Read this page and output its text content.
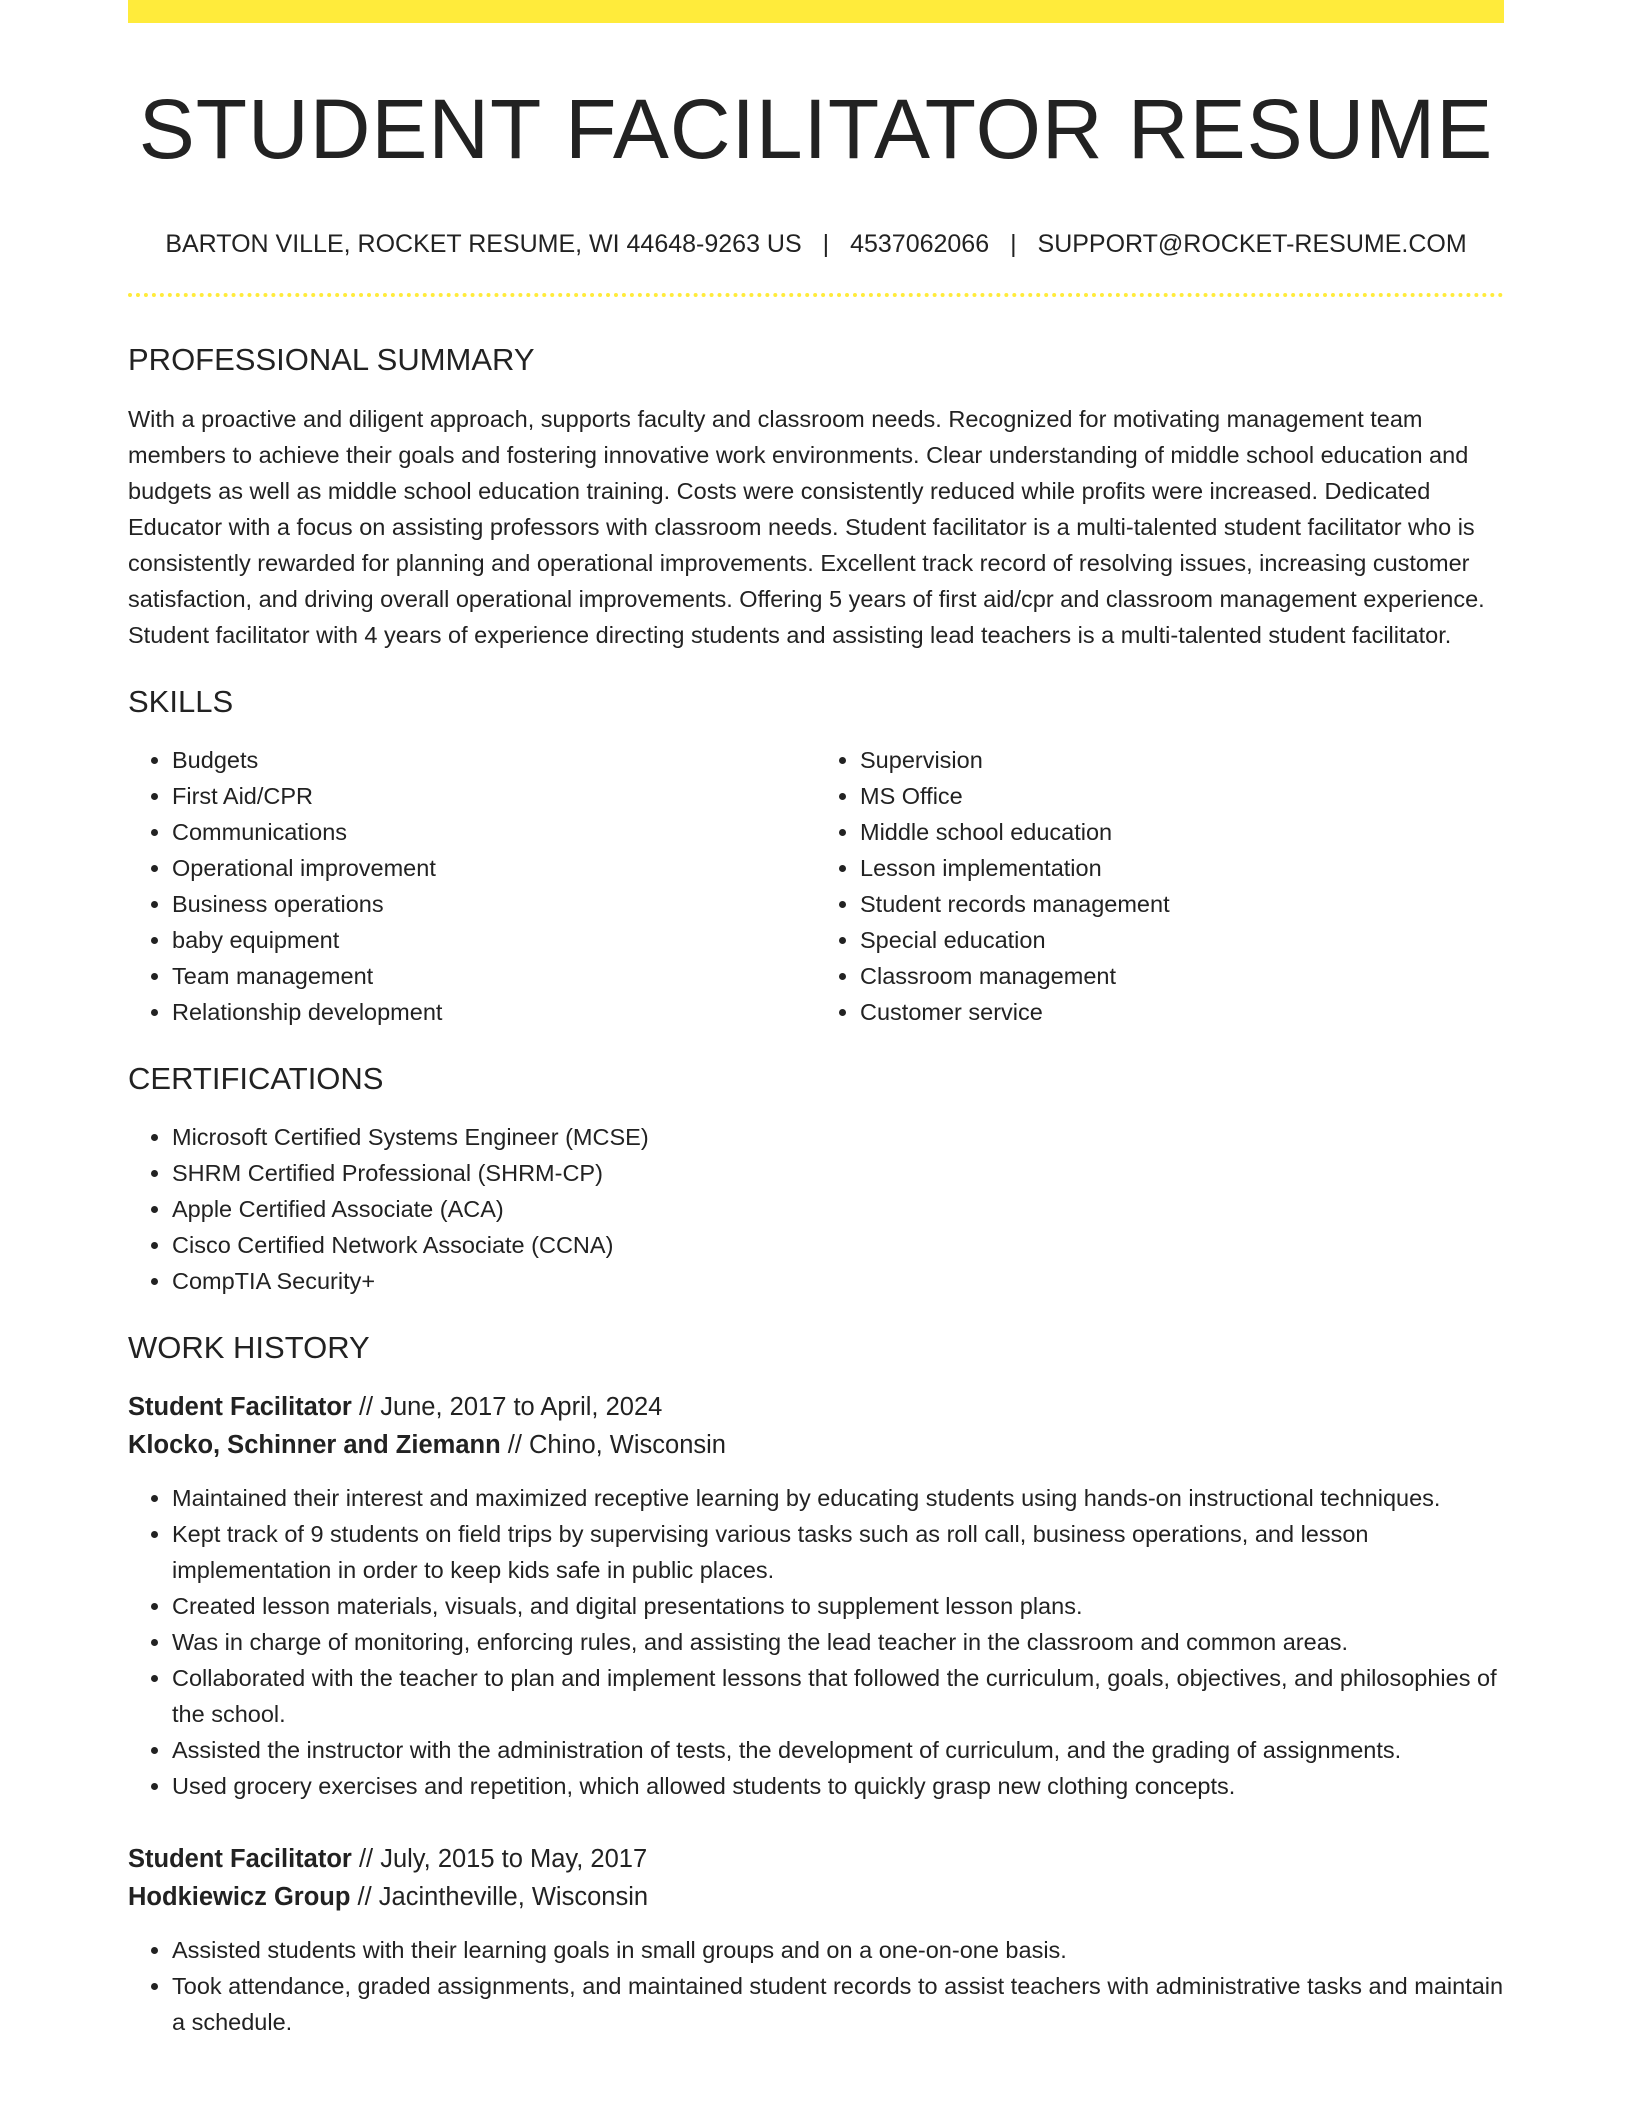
STUDENT FACILITATOR RESUME
BARTON VILLE, ROCKET RESUME, WI 44648-9263 US | 4537062066 | SUPPORT@ROCKET-RESUME.COM
PROFESSIONAL SUMMARY

With a proactive and diligent approach, supports faculty and classroom needs. Recognized for motivating management team members to achieve their goals and fostering innovative work environments. Clear understanding of middle school education and budgets as well as middle school education training. Costs were consistently reduced while profits were increased. Dedicated Educator with a focus on assisting professors with classroom needs. Student facilitator is a multi-talented student facilitator who is consistently rewarded for planning and operational improvements. Excellent track record of resolving issues, increasing customer satisfaction, and driving overall operational improvements. Offering 5 years of first aid/cpr and classroom management experience. Student facilitator with 4 years of experience directing students and assisting lead teachers is a multi-talented student facilitator.

SKILLS
• Budgets
• First Aid/CPR
• Communications
• Operational improvement
• Business operations
• baby equipment
• Team management
• Relationship development
• Supervision
• MS Office
• Middle school education
• Lesson implementation
• Student records management
• Special education
• Classroom management
• Customer service
CERTIFICATIONS
• Microsoft Certified Systems Engineer (MCSE)
• SHRM Certified Professional (SHRM-CP)
• Apple Certified Associate (ACA)
• Cisco Certified Network Associate (CCNA)
• CompTIA Security+
WORK HISTORY
Student Facilitator // June, 2017 to April, 2024
Klocko, Schinner and Ziemann // Chino, Wisconsin
• Maintained their interest and maximized receptive learning by educating students using hands-on instructional techniques.
• Kept track of 9 students on field trips by supervising various tasks such as roll call, business operations, and lesson implementation in order to keep kids safe in public places.
• Created lesson materials, visuals, and digital presentations to supplement lesson plans.
• Was in charge of monitoring, enforcing rules, and assisting the lead teacher in the classroom and common areas.
• Collaborated with the teacher to plan and implement lessons that followed the curriculum, goals, objectives, and philosophies of the school.
• Assisted the instructor with the administration of tests, the development of curriculum, and the grading of assignments.
• Used grocery exercises and repetition, which allowed students to quickly grasp new clothing concepts.
Student Facilitator // July, 2015 to May, 2017
Hodkiewicz Group // Jacintheville, Wisconsin
• Assisted students with their learning goals in small groups and on a one-on-one basis.
• Took attendance, graded assignments, and maintained student records to assist teachers with administrative tasks and maintain a schedule.
